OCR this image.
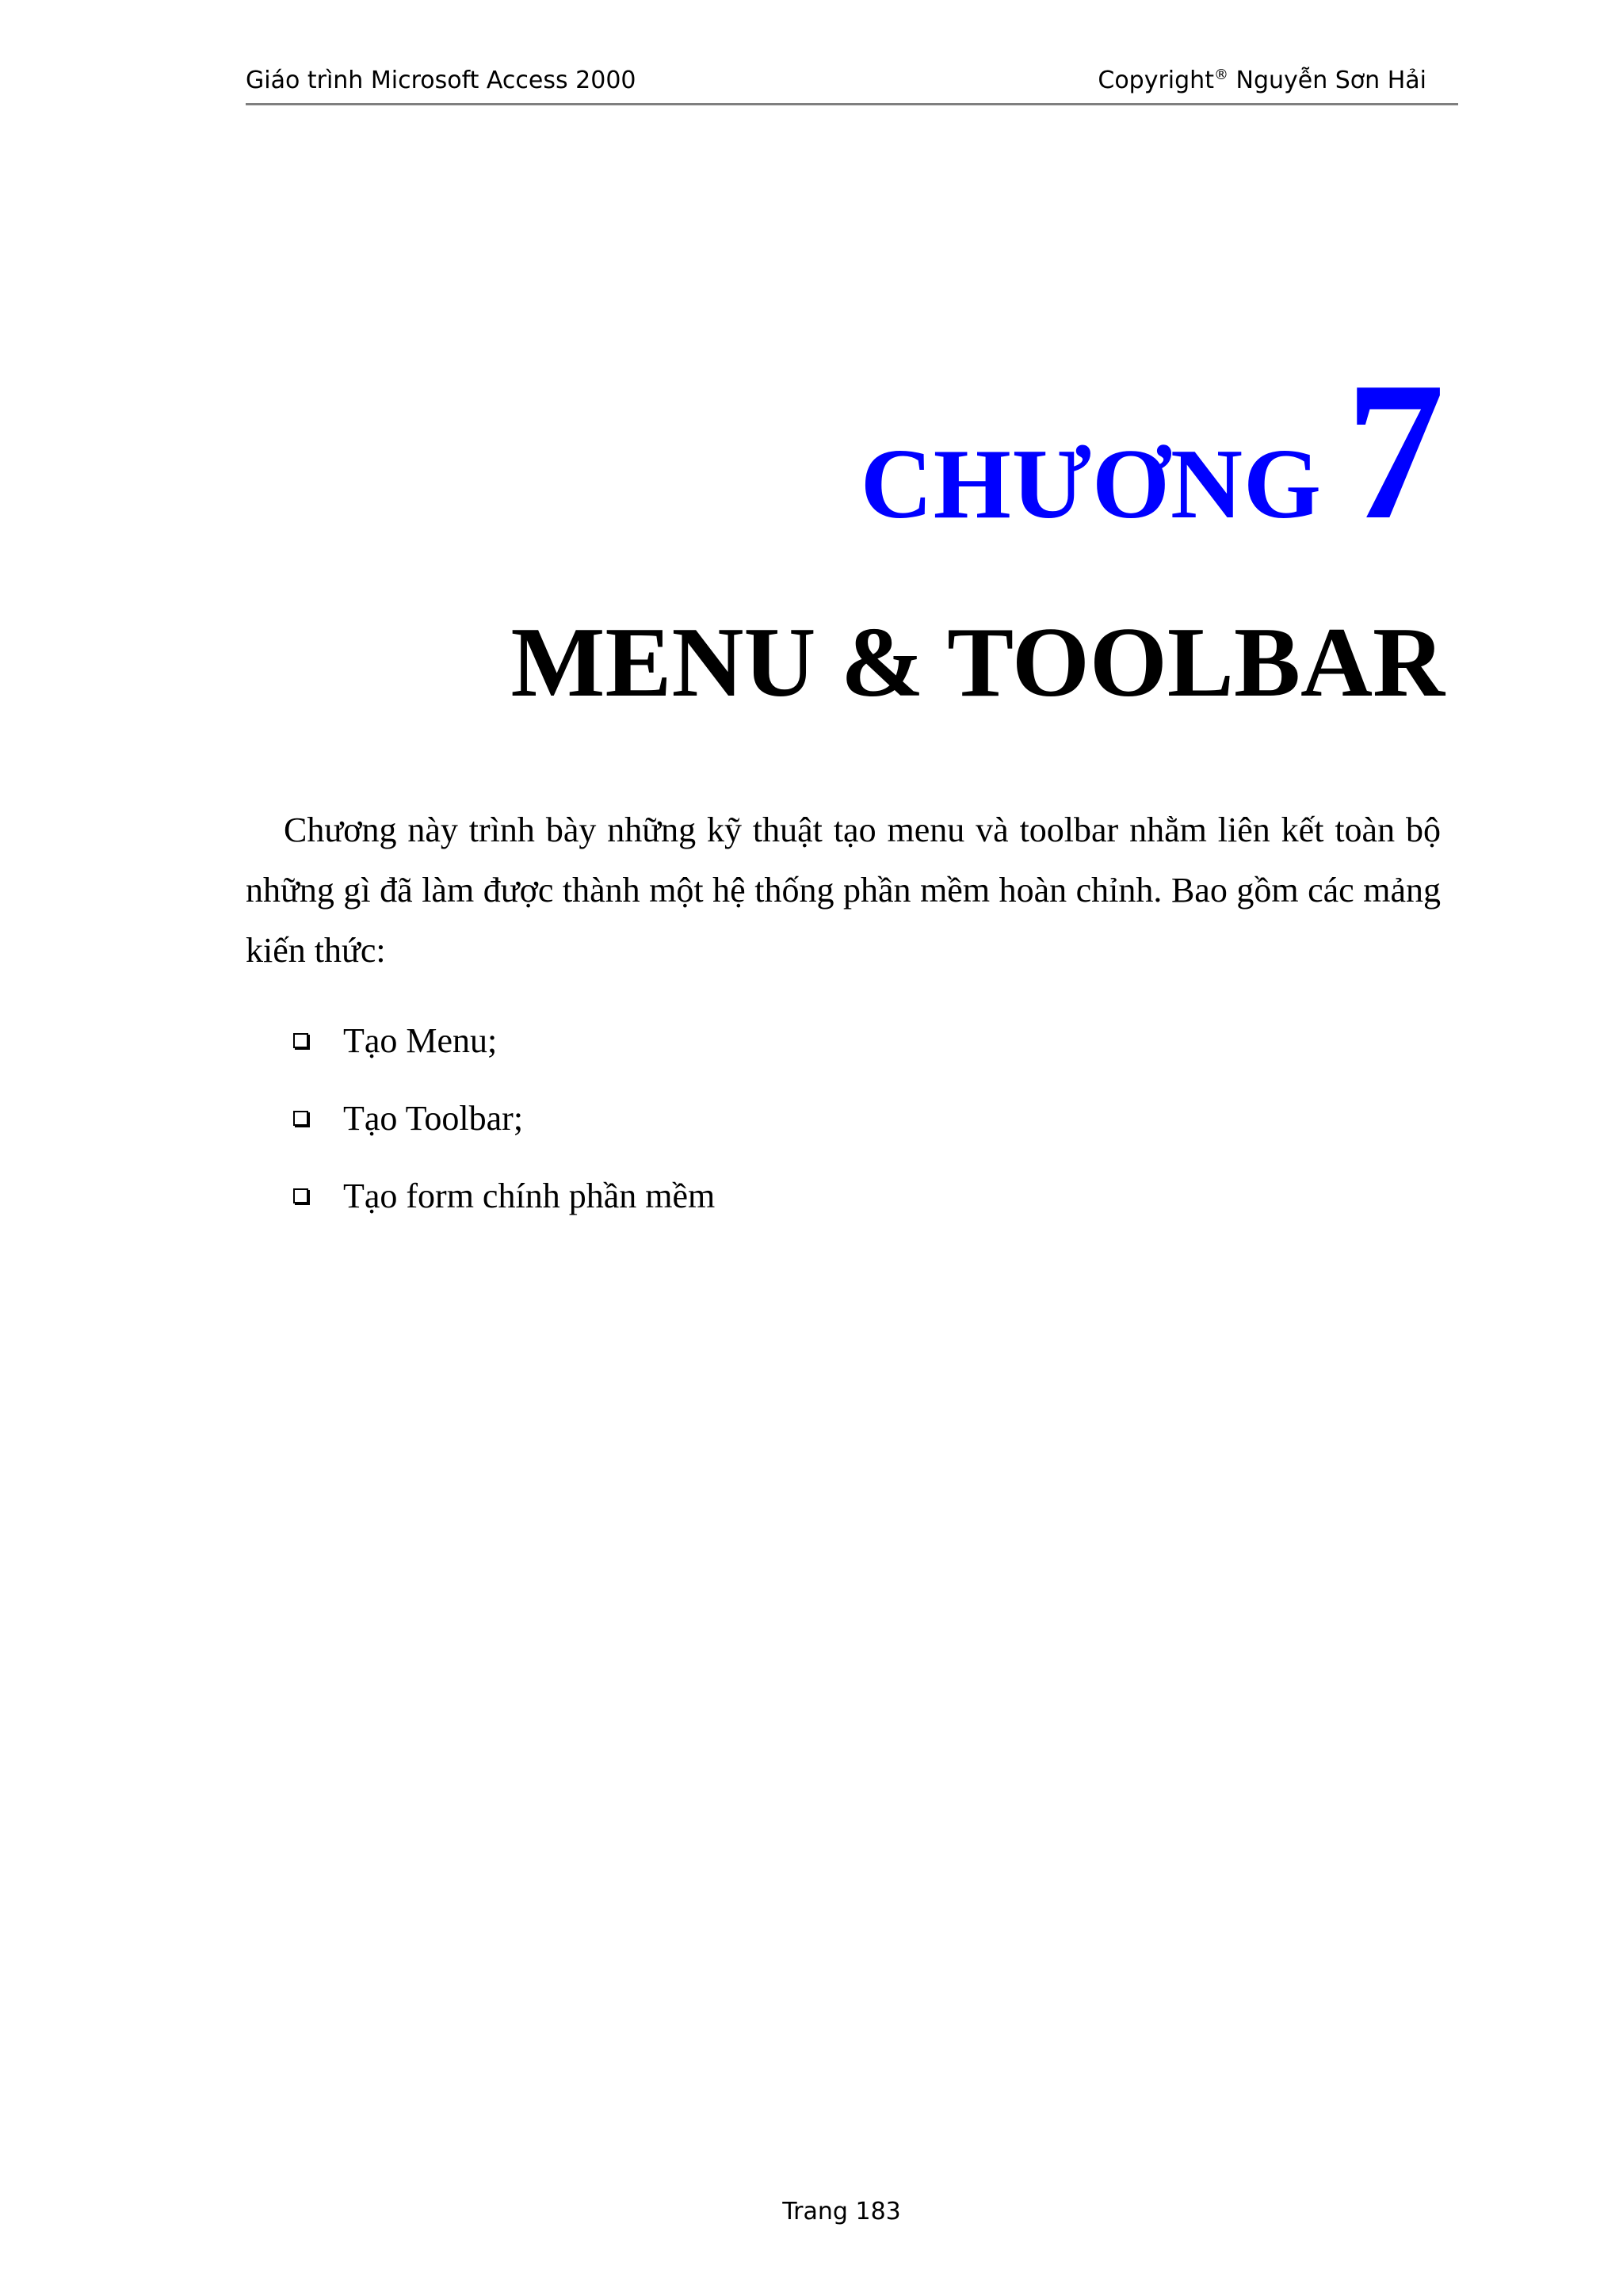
Giáo trình Microsoft Access 2000	Copyright® Nguyễn Sơn Hải
CHƯƠNG 7
MENU & TOOLBAR

Chương này trình bày những kỹ thuật tạo menu và toolbar nhằm liên kết toàn bộ những gì đã làm được thành một hệ thống phần mềm hoàn chỉnh. Bao gồm các mảng kiến thức:

Tạo Menu;
Tạo Toolbar;
Tạo form chính phần mềm
Trang 183
